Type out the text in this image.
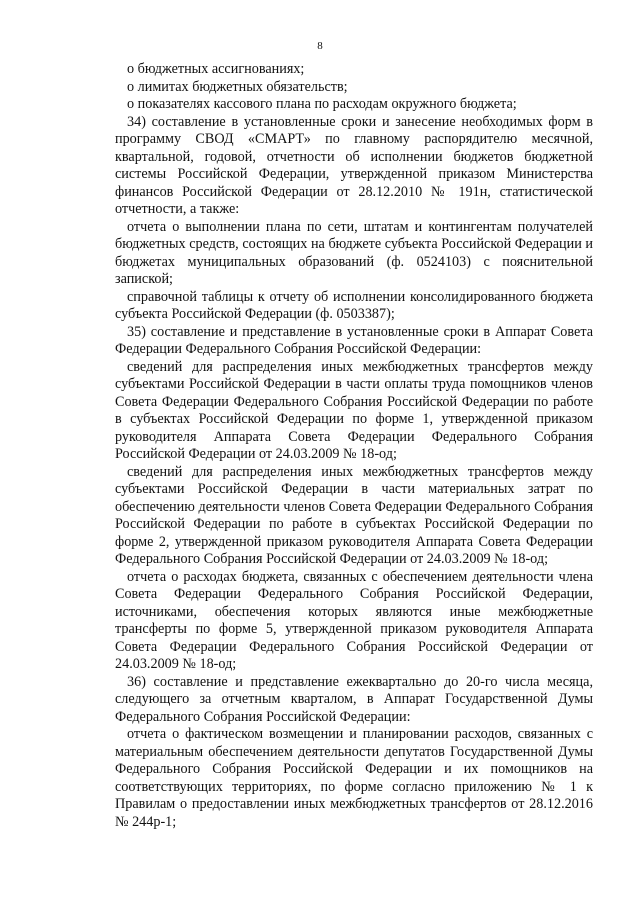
8

о бюджетных ассигнованиях;

о лимитах бюджетных обязательств;

о показателях кассового плана по расходам окружного бюджета;

34) составление в установленные сроки и занесение необходимых форм в программу СВОД «СМАРТ» по главному распорядителю месячной, квартальной, годовой, отчетности об исполнении бюджетов бюджетной системы Российской Федерации, утвержденной приказом Министерства финансов Российской Федерации от 28.12.2010 № 191н, статистической отчетности, а также:

отчета о выполнении плана по сети, штатам и контингентам получателей бюджетных средств, состоящих на бюджете субъекта Российской Федерации и бюджетах муниципальных образований (ф. 0524103) с пояснительной запиской;

справочной таблицы к отчету об исполнении консолидированного бюджета субъекта Российской Федерации (ф. 0503387);

35) составление и представление в установленные сроки в Аппарат Совета Федерации Федерального Собрания Российской Федерации:

сведений для распределения иных межбюджетных трансфертов между субъектами Российской Федерации в части оплаты труда помощников членов Совета Федерации Федерального Собрания Российской Федерации по работе в субъектах Российской Федерации по форме 1, утвержденной приказом руководителя Аппарата Совета Федерации Федерального Собрания Российской Федерации от 24.03.2009 № 18-од;

сведений для распределения иных межбюджетных трансфертов между субъектами Российской Федерации в части материальных затрат по обеспечению деятельности членов Совета Федерации Федерального Собрания Российской Федерации по работе в субъектах Российской Федерации по форме 2, утвержденной приказом руководителя Аппарата Совета Федерации Федерального Собрания Российской Федерации от 24.03.2009 № 18-од;

отчета о расходах бюджета, связанных с обеспечением деятельности члена Совета Федерации Федерального Собрания Российской Федерации, источниками, обеспечения которых являются иные межбюджетные трансферты по форме 5, утвержденной приказом руководителя Аппарата Совета Федерации Федерального Собрания Российской Федерации от 24.03.2009 № 18-од;

36) составление и представление ежеквартально до 20-го числа месяца, следующего за отчетным кварталом, в Аппарат Государственной Думы Федерального Собрания Российской Федерации:

отчета о фактическом возмещении и планировании расходов, связанных с материальным обеспечением деятельности депутатов Государственной Думы Федерального Собрания Российской Федерации и их помощников на соответствующих территориях, по форме согласно приложению № 1 к Правилам о предоставлении иных межбюджетных трансфертов от 28.12.2016 № 244р-1;
